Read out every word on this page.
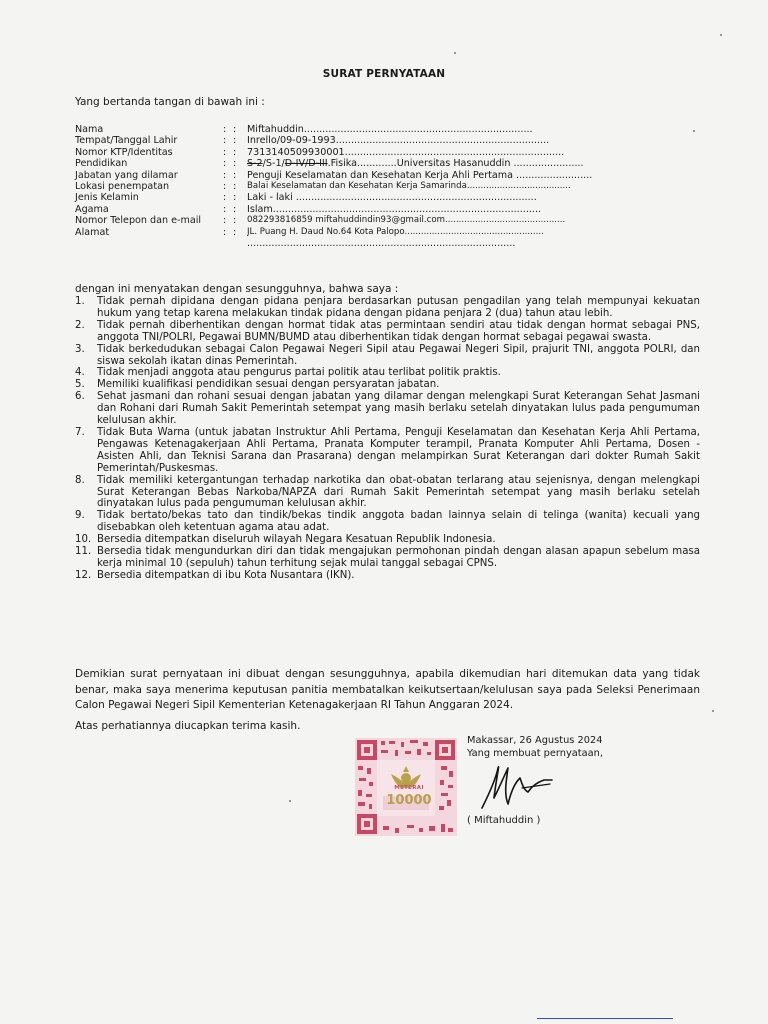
SURAT PERNYATAAN
Yang bertanda tangan di bawah ini :
Nama	: :	Miftahuddin...........................................................................
Tempat/Tanggal Lahir	: :	Inrello/09-09-1993......................................................................
Nomor KTP/Identitas	: :	7313140509930001........................................................................
Pendidikan	: :	S-2/S-1/D-IV/D-III.Fisika.............Universitas Hasanuddin .......................
Jabatan yang dilamar	: :	Penguji Keselamatan dan Kesehatan Kerja Ahli Pertama .........................
Lokasi penempatan	: :	Balai Keselamatan dan Kesehatan Kerja Samarinda......................................
Jenis Kelamin	: :	Laki - laki ...............................................................................
Agama	: :	Islam........................................................................................
Nomor Telepon dan e-mail	: :	082293816859 miftahuddindin93@gmail.com............................................
Alamat	: :	JL. Puang H. Daud No.64 Kota Palopo...................................................
........................................................................................
dengan ini menyatakan dengan sesungguhnya, bahwa saya :
1.	Tidak pernah dipidana dengan pidana penjara berdasarkan putusan pengadilan yang telah mempunyai kekuatan hukum yang tetap karena melakukan tindak pidana dengan pidana penjara 2 (dua) tahun atau lebih.
2.	Tidak pernah diberhentikan dengan hormat tidak atas permintaan sendiri atau tidak dengan hormat sebagai PNS, anggota TNI/POLRI, Pegawai BUMN/BUMD atau diberhentikan tidak dengan hormat sebagai pegawai swasta.
3.	Tidak berkedudukan sebagai Calon Pegawai Negeri Sipil atau Pegawai Negeri Sipil, prajurit TNI, anggota POLRI, dan siswa sekolah ikatan dinas Pemerintah.
4.	Tidak menjadi anggota atau pengurus partai politik atau terlibat politik praktis.
5.	Memiliki kualifikasi pendidikan sesuai dengan persyaratan jabatan.
6.	Sehat jasmani dan rohani sesuai dengan jabatan yang dilamar dengan melengkapi Surat Keterangan Sehat Jasmani dan Rohani dari Rumah Sakit Pemerintah setempat yang masih berlaku setelah dinyatakan lulus pada pengumuman kelulusan akhir.
7.	Tidak Buta Warna (untuk jabatan Instruktur Ahli Pertama, Penguji Keselamatan dan Kesehatan Kerja Ahli Pertama, Pengawas Ketenagakerjaan Ahli Pertama, Pranata Komputer terampil, Pranata Komputer Ahli Pertama, Dosen - Asisten Ahli, dan Teknisi Sarana dan Prasarana) dengan melampirkan Surat Keterangan dari dokter Rumah Sakit Pemerintah/Puskesmas.
8.	Tidak memiliki ketergantungan terhadap narkotika dan obat-obatan terlarang atau sejenisnya, dengan melengkapi Surat Keterangan Bebas Narkoba/NAPZA dari Rumah Sakit Pemerintah setempat yang masih berlaku setelah dinyatakan lulus pada pengumuman kelulusan akhir.
9.	Tidak bertato/bekas tato dan tindik/bekas tindik anggota badan lainnya selain di telinga (wanita) kecuali yang disebabkan oleh ketentuan agama atau adat.
10. Bersedia ditempatkan diseluruh wilayah Negara Kesatuan Republik Indonesia.
11. Bersedia tidak mengundurkan diri dan tidak mengajukan permohonan pindah dengan alasan apapun sebelum masa kerja minimal 10 (sepuluh) tahun terhitung sejak mulai tanggal sebagai CPNS.
12. Bersedia ditempatkan di ibu Kota Nusantara (IKN).
Demikian surat pernyataan ini dibuat dengan sesungguhnya, apabila dikemudian hari ditemukan data yang tidak benar, maka saya menerima keputusan panitia membatalkan keikutsertaan/kelulusan saya pada Seleksi Penerimaan Calon Pegawai Negeri Sipil Kementerian Ketenagakerjaan RI Tahun Anggaran 2024.
Atas perhatiannya diucapkan terima kasih.
METERAI
10000
Makassar, 26 Agustus 2024
Yang membuat pernyataan,
( Miftahuddin )
